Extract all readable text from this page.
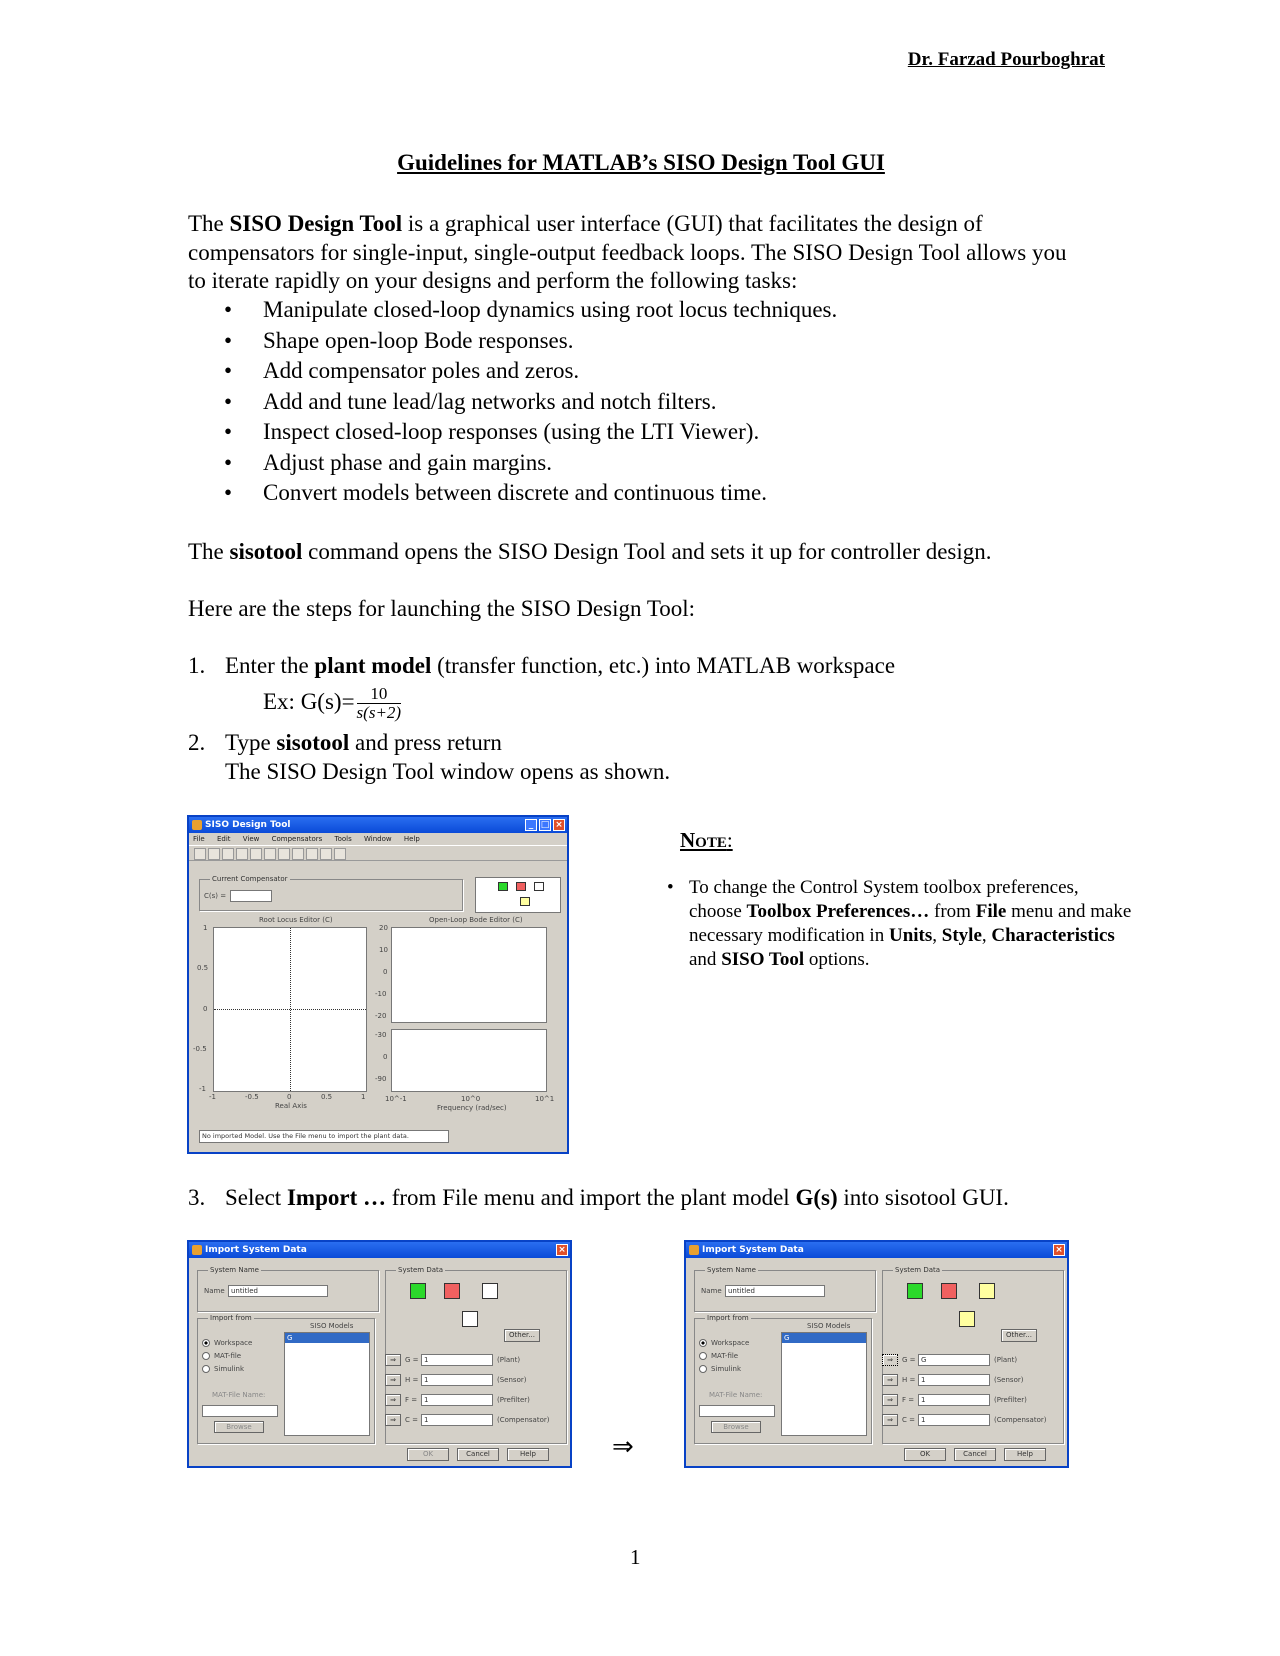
Dr. Farzad Pourboghrat
Guidelines for MATLAB’s SISO Design Tool GUI
The SISO Design Tool is a graphical user interface (GUI) that facilitates the design of compensators for single-input, single-output feedback loops. The SISO Design Tool allows you to iterate rapidly on your designs and perform the following tasks:
• Manipulate closed-loop dynamics using root locus techniques.
• Shape open-loop Bode responses.
• Add compensator poles and zeros.
• Add and tune lead/lag networks and notch filters.
• Inspect closed-loop responses (using the LTI Viewer).
• Adjust phase and gain margins.
• Convert models between discrete and continuous time.
The sisotool command opens the SISO Design Tool and sets it up for controller design.
Here are the steps for launching the SISO Design Tool:
1. Enter the plant model (transfer function, etc.) into MATLAB workspace
Ex: $G(s)= \frac{10}{s(s+2)}$
2. Type sisotool and press return
The SISO Design Tool window opens as shown.
SISO Design Tool	_ □ ×
File Edit View Compensators Tools Window Help
Current Compensator
C(s) =
Root Locus Editor (C)	Open-Loop Bode Editor (C)
1
0.5
0
-0.5
-1
-1	-0.5	0	0.5	1
Real Axis
20
10
0
-10
-20
-30
0
-90
10^-1	10^0	10^1
Frequency (rad/sec)
No imported Model. Use the File menu to import the plant data.
Note:
• To change the Control System toolbox preferences, choose Toolbox Preferences… from File menu and make necessary modification in Units, Style, Characteristics and SISO Tool options.
3. Select Import … from File menu and import the plant model G(s) into sisotool GUI.
Import System Data	×
System Name
Name untitled
System Data
Other...
Import from
Workspace
MAT-file
Simulink
MAT-File Name:
Browse
SISO Models
G
⇒	G = 1	(Plant)
⇒	H = 1	(Sensor)
⇒	F = 1	(Prefilter)
⇒	C = 1	(Compensator)
OK	Cancel	Help	⇒
Import System Data	×
System Name
Name untitled
System Data
Other...
Import from
Workspace
MAT-file
Simulink
MAT-File Name:
Browse
SISO Models
G
⇒	G = G	(Plant)
⇒	H = 1	(Sensor)
⇒	F = 1	(Prefilter)
⇒	C = 1	(Compensator)
OK	Cancel	Help
1
